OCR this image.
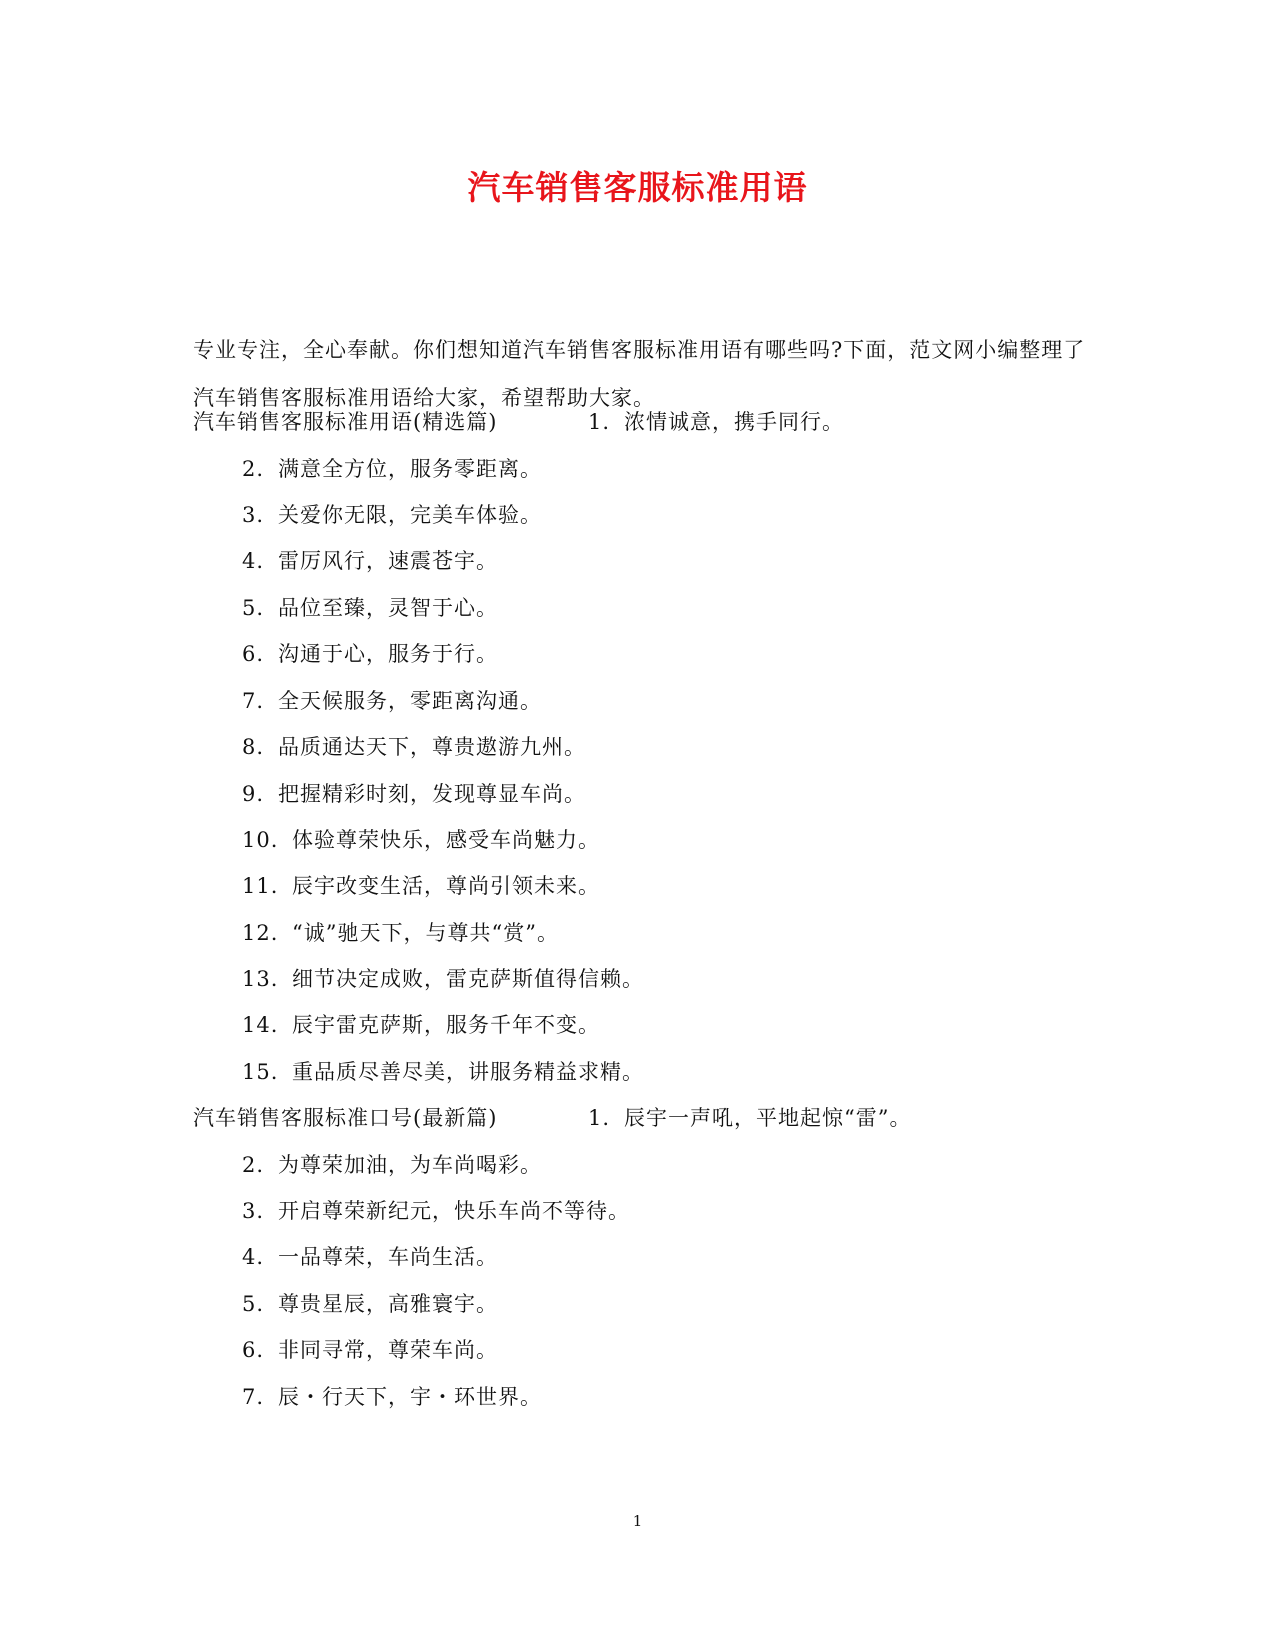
汽车销售客服标准用语
专业专注，全心奉献。你们想知道汽车销售客服标准用语有哪些吗?下面，范文网小编整理了汽车销售客服标准用语给大家，希望帮助大家。
汽车销售客服标准用语(精选篇)	1. 浓情诚意，携手同行。
2. 满意全方位，服务零距离。
3. 关爱你无限，完美车体验。
4. 雷厉风行，速震苍宇。
5. 品位至臻，灵智于心。
6. 沟通于心，服务于行。
7. 全天候服务，零距离沟通。
8. 品质通达天下，尊贵遨游九州。
9. 把握精彩时刻，发现尊显车尚。
10. 体验尊荣快乐，感受车尚魅力。
11. 辰宇改变生活，尊尚引领未来。
12. “诚”驰天下，与尊共“赏”。
13. 细节决定成败，雷克萨斯值得信赖。
14. 辰宇雷克萨斯，服务千年不变。
15. 重品质尽善尽美，讲服务精益求精。
汽车销售客服标准口号(最新篇)	1. 辰宇一声吼，平地起惊“雷”。
2. 为尊荣加油，为车尚喝彩。
3. 开启尊荣新纪元，快乐车尚不等待。
4. 一品尊荣，车尚生活。
5. 尊贵星辰，高雅寰宇。
6. 非同寻常，尊荣车尚。
7. 辰・行天下，宇・环世界。
1
